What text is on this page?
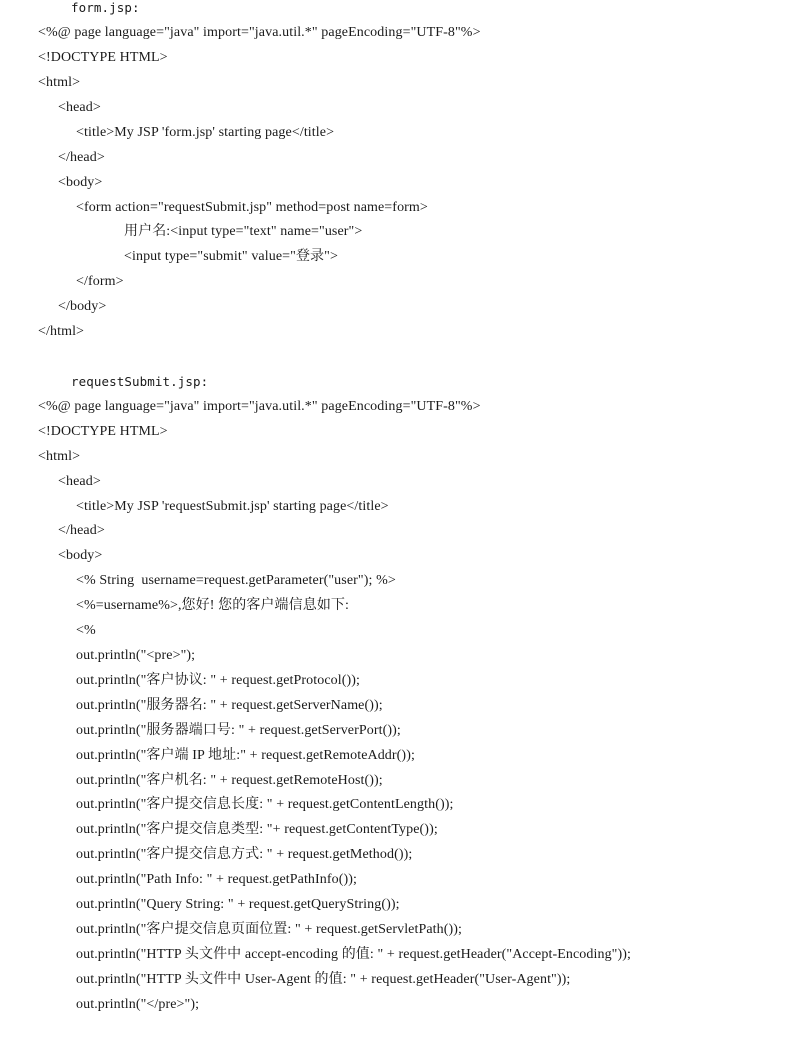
form.jsp:
<%@ page language="java" import="java.util.*" pageEncoding="UTF-8"%>
<!DOCTYPE HTML>
<html>
<head>
<title>My JSP 'form.jsp' starting page</title>
</head>
<body>
<form action="requestSubmit.jsp" method=post name=form>
用户名:<input type="text" name="user">
<input type="submit" value="登录">
</form>
</body>
</html>
requestSubmit.jsp:
<%@ page language="java" import="java.util.*" pageEncoding="UTF-8"%>
<!DOCTYPE HTML>
<html>
<head>
<title>My JSP 'requestSubmit.jsp' starting page</title>
</head>
<body>
<% String  username=request.getParameter("user"); %>
<%=username%>,您好! 您的客户端信息如下:
<%
out.println("<pre>");
out.println("客户协议: " + request.getProtocol());
out.println("服务器名: " + request.getServerName());
out.println("服务器端口号: " + request.getServerPort());
out.println("客户端 IP 地址:" + request.getRemoteAddr());
out.println("客户机名: " + request.getRemoteHost());
out.println("客户提交信息长度: " + request.getContentLength());
out.println("客户提交信息类型: "+ request.getContentType());
out.println("客户提交信息方式: " + request.getMethod());
out.println("Path Info: " + request.getPathInfo());
out.println("Query String: " + request.getQueryString());
out.println("客户提交信息页面位置: " + request.getServletPath());
out.println("HTTP 头文件中 accept-encoding 的值: " + request.getHeader("Accept-Encoding"));
out.println("HTTP 头文件中 User-Agent 的值: " + request.getHeader("User-Agent"));
out.println("</pre>");
